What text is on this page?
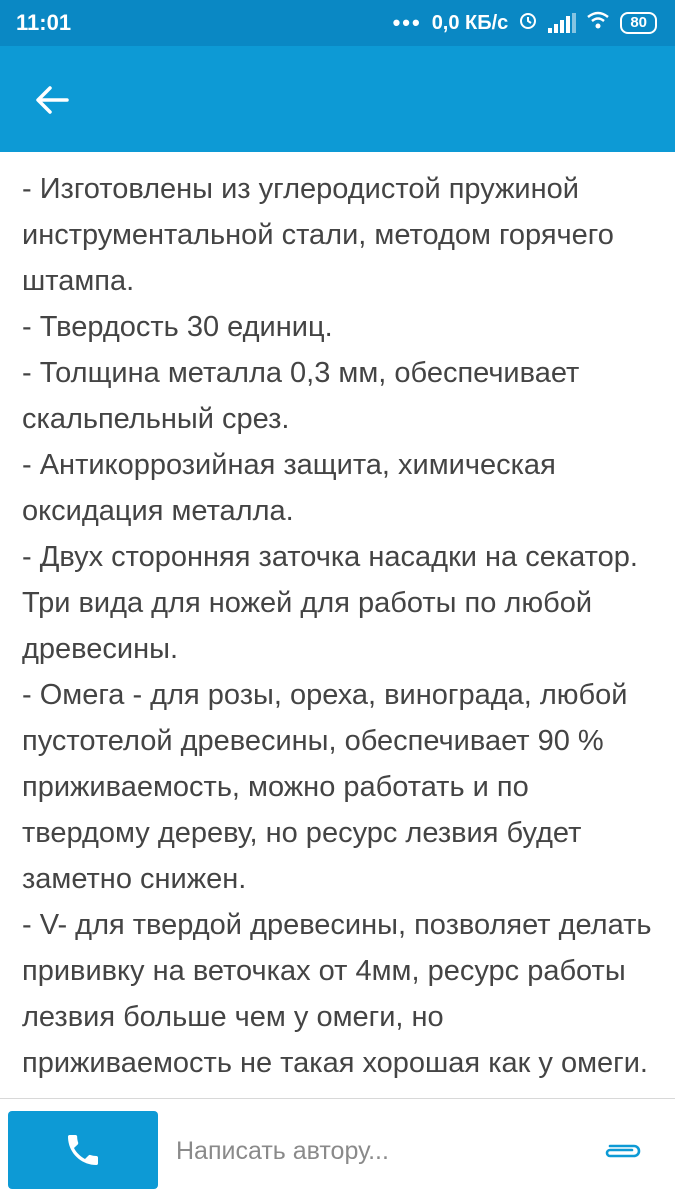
11:01	••• 0,0 КБ/с	80

- Изготовлены из углеродистой пружиной инструментальной стали, методом горячего штампа.

- Твердость 30 единиц.

- Толщина металла 0,3 мм, обеспечивает скальпельный срез.

- Антикоррозийная защита, химическая оксидация металла.

- Двух сторонняя заточка насадки на секатор.

Три вида для ножей для работы по любой древесины.

- Омега - для розы, ореха, винограда, любой пустотелой древесины, обеспечивает 90 % приживаемость, можно работать и по твердому дереву, но ресурс лезвия будет заметно снижен.

- V- для твердой древесины, позволяет делать прививку на веточках от 4мм, ресурс работы лезвия больше чем у омеги, но приживаемость не такая хорошая как у омеги.

Написать автору...
